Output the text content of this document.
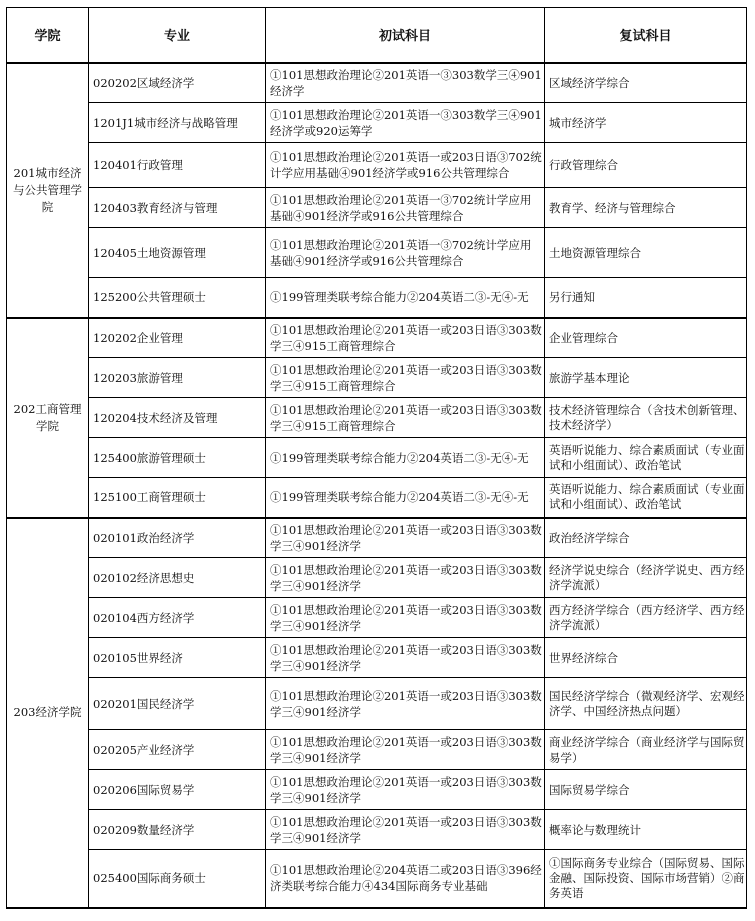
学院	专业	初试科目	复试科目
201城市经济与公共管理学院	020202区域经济学	①101思想政治理论②201英语一③303数学三④901经济学	区域经济学综合
	1201J1城市经济与战略管理	①101思想政治理论②201英语一③303数学三④901经济学或920运筹学	城市经济学
	120401行政管理	①101思想政治理论②201英语一或203日语③702统计学应用基础④901经济学或916公共管理综合	行政管理综合
	120403教育经济与管理	①101思想政治理论②201英语一③702统计学应用基础④901经济学或916公共管理综合	教育学、经济与管理综合
	120405土地资源管理	①101思想政治理论②201英语一③702统计学应用基础④901经济学或916公共管理综合	土地资源管理综合
	125200公共管理硕士	①199管理类联考综合能力②204英语二③-无④-无	另行通知
202工商管理学院	120202企业管理	①101思想政治理论②201英语一或203日语③303数学三④915工商管理综合	企业管理综合
	120203旅游管理	①101思想政治理论②201英语一或203日语③303数学三④915工商管理综合	旅游学基本理论
	120204技术经济及管理	①101思想政治理论②201英语一或203日语③303数学三④915工商管理综合	技术经济管理综合（含技术创新管理、技术经济学）
	125400旅游管理硕士	①199管理类联考综合能力②204英语二③-无④-无	英语听说能力、综合素质面试（专业面试和小组面试）、政治笔试
	125100工商管理硕士	①199管理类联考综合能力②204英语二③-无④-无	英语听说能力、综合素质面试（专业面试和小组面试）、政治笔试
203经济学院	020101政治经济学	①101思想政治理论②201英语一或203日语③303数学三④901经济学	政治经济学综合
	020102经济思想史	①101思想政治理论②201英语一或203日语③303数学三④901经济学	经济学说史综合（经济学说史、西方经济学流派）
	020104西方经济学	①101思想政治理论②201英语一或203日语③303数学三④901经济学	西方经济学综合（西方经济学、西方经济学流派）
	020105世界经济	①101思想政治理论②201英语一或203日语③303数学三④901经济学	世界经济综合
	020201国民经济学	①101思想政治理论②201英语一或203日语③303数学三④901经济学	国民经济学综合（微观经济学、宏观经济学、中国经济热点问题）
	020205产业经济学	①101思想政治理论②201英语一或203日语③303数学三④901经济学	商业经济学综合（商业经济学与国际贸易学）
	020206国际贸易学	①101思想政治理论②201英语一或203日语③303数学三④901经济学	国际贸易学综合
	020209数量经济学	①101思想政治理论②201英语一或203日语③303数学三④901经济学	概率论与数理统计
	025400国际商务硕士	①101思想政治理论②204英语二或203日语③396经济类联考综合能力④434国际商务专业基础	①国际商务专业综合（国际贸易、国际金融、国际投资、国际市场营销）②商务英语
